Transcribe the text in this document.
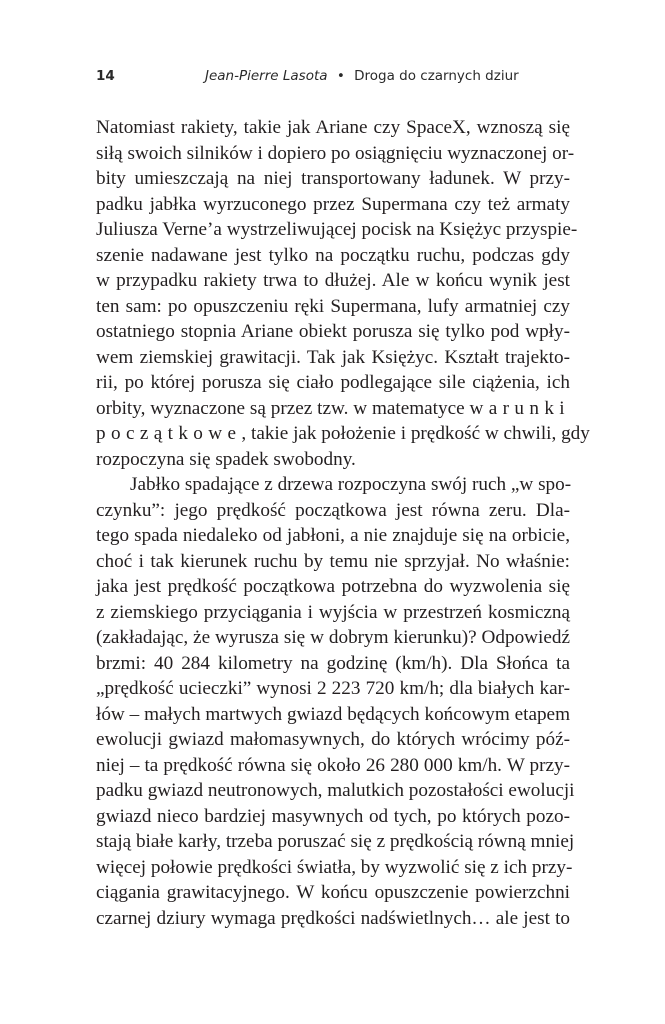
14	Jean-Pierre Lasota • Droga do czarnych dziur
Natomiast rakiety, takie jak Ariane czy SpaceX, wznoszą się
siłą swoich silników i dopiero po osiągnięciu wyznaczonej or-
bity umieszczają na niej transportowany ładunek. W przy-
padku jabłka wyrzuconego przez Supermana czy też armaty
Juliusza Verne’a wystrzeliwującej pocisk na Księżyc przyspie-
szenie nadawane jest tylko na początku ruchu, podczas gdy
w przypadku rakiety trwa to dłużej. Ale w końcu wynik jest
ten sam: po opuszczeniu ręki Supermana, lufy armatniej czy
ostatniego stopnia Ariane obiekt porusza się tylko pod wpły-
wem ziemskiej grawitacji. Tak jak Księżyc. Kształt trajekto-
rii, po której porusza się ciało podlegające sile ciążenia, ich
orbity, wyznaczone są przez tzw. w matematyce warunki
początkowe, takie jak położenie i prędkość w chwili, gdy
rozpoczyna się spadek swobodny.
Jabłko spadające z drzewa rozpoczyna swój ruch „w spo-
czynku”: jego prędkość początkowa jest równa zeru. Dla-
tego spada niedaleko od jabłoni, a nie znajduje się na orbicie,
choć i tak kierunek ruchu by temu nie sprzyjał. No właśnie:
jaka jest prędkość początkowa potrzebna do wyzwolenia się
z ziemskiego przyciągania i wyjścia w przestrzeń kosmiczną
(zakładając, że wyrusza się w dobrym kierunku)? Odpowiedź
brzmi: 40 284 kilometry na godzinę (km/h). Dla Słońca ta
„prędkość ucieczki” wynosi 2 223 720 km/h; dla białych kar-
łów – małych martwych gwiazd będących końcowym etapem
ewolucji gwiazd małomasywnych, do których wrócimy póź-
niej – ta prędkość równa się około 26 280 000 km/h. W przy-
padku gwiazd neutronowych, malutkich pozostałości ewolucji
gwiazd nieco bardziej masywnych od tych, po których pozo-
stają białe karły, trzeba poruszać się z prędkością równą mniej
więcej połowie prędkości światła, by wyzwolić się z ich przy-
ciągania grawitacyjnego. W końcu opuszczenie powierzchni
czarnej dziury wymaga prędkości nadświetlnych… ale jest to
